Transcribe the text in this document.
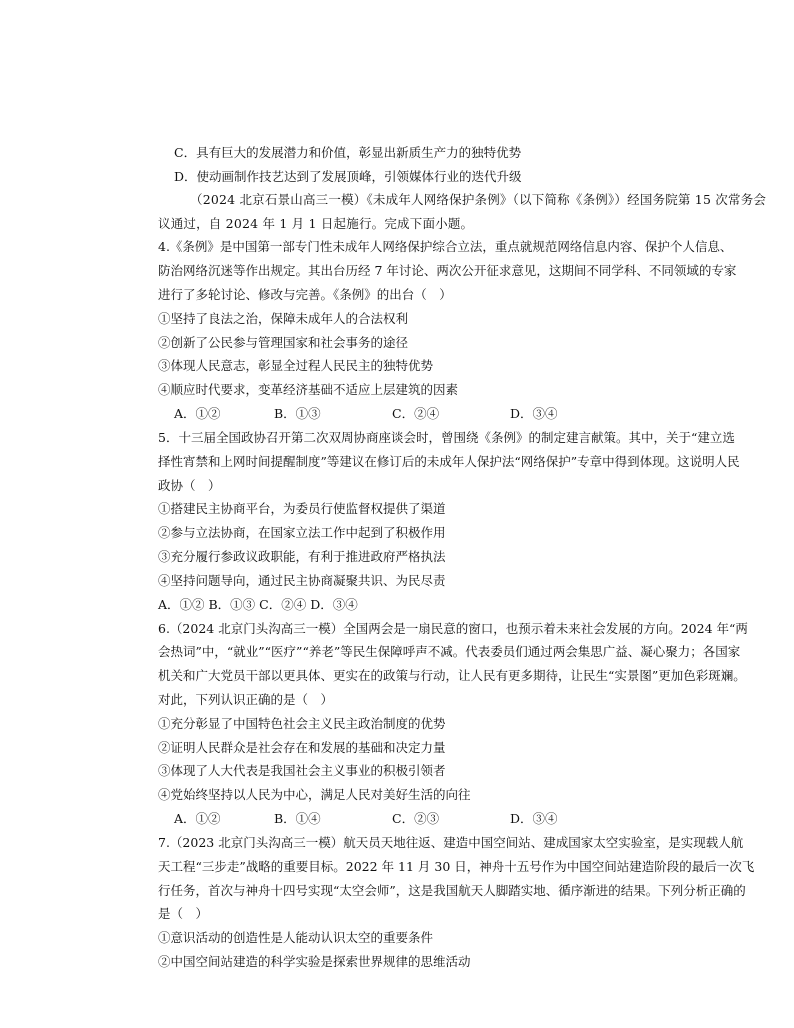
C．具有巨大的发展潜力和价值，彰显出新质生产力的独特优势
D．使动画制作技艺达到了发展顶峰，引领媒体行业的迭代升级
（2024 北京石景山高三一模）《未成年人网络保护条例》（以下简称《条例》）经国务院第 15 次常务会
议通过，自 2024 年 1 月 1 日起施行。完成下面小题。
4.《条例》是中国第一部专门性未成年人网络保护综合立法，重点就规范网络信息内容、保护个人信息、
防治网络沉迷等作出规定。其出台历经 7 年讨论、两次公开征求意见，这期间不同学科、不同领域的专家
进行了多轮讨论、修改与完善。《条例》的出台（　）
①坚持了良法之治，保障未成年人的合法权利
②创新了公民参与管理国家和社会事务的途径
③体现人民意志，彰显全过程人民民主的独特优势
④顺应时代要求，变革经济基础不适应上层建筑的因素
A．①②	B．①③	C．②④	D．③④
5．十三届全国政协召开第二次双周协商座谈会时，曾围绕《条例》的制定建言献策。其中，关于“建立选
择性宵禁和上网时间提醒制度”等建议在修订后的未成年人保护法“网络保护”专章中得到体现。这说明人民
政协（　）
①搭建民主协商平台，为委员行使监督权提供了渠道
②参与立法协商，在国家立法工作中起到了积极作用
③充分履行参政议政职能，有利于推进政府严格执法
④坚持问题导向，通过民主协商凝聚共识、为民尽责
A．①② B．①③ C．②④ D．③④
6.（2024 北京门头沟高三一模）全国两会是一扇民意的窗口，也预示着未来社会发展的方向。2024 年“两
会热词”中，“就业”“医疗”“养老”等民生保障呼声不减。代表委员们通过两会集思广益、凝心聚力；各国家
机关和广大党员干部以更具体、更实在的政策与行动，让人民有更多期待，让民生“实景图”更加色彩斑斓。
对此，下列认识正确的是（　）
①充分彰显了中国特色社会主义民主政治制度的优势
②证明人民群众是社会存在和发展的基础和决定力量
③体现了人大代表是我国社会主义事业的积极引领者
④党始终坚持以人民为中心，满足人民对美好生活的向往
A．①②	B．①④	C．②③	D．③④
7.（2023 北京门头沟高三一模）航天员天地往返、建造中国空间站、建成国家太空实验室，是实现载人航
天工程“三步走”战略的重要目标。2022 年 11 月 30 日，神舟十五号作为中国空间站建造阶段的最后一次飞
行任务，首次与神舟十四号实现“太空会师”，这是我国航天人脚踏实地、循序渐进的结果。下列分析正确的
是（　）
①意识活动的创造性是人能动认识太空的重要条件
②中国空间站建造的科学实验是探索世界规律的思维活动
